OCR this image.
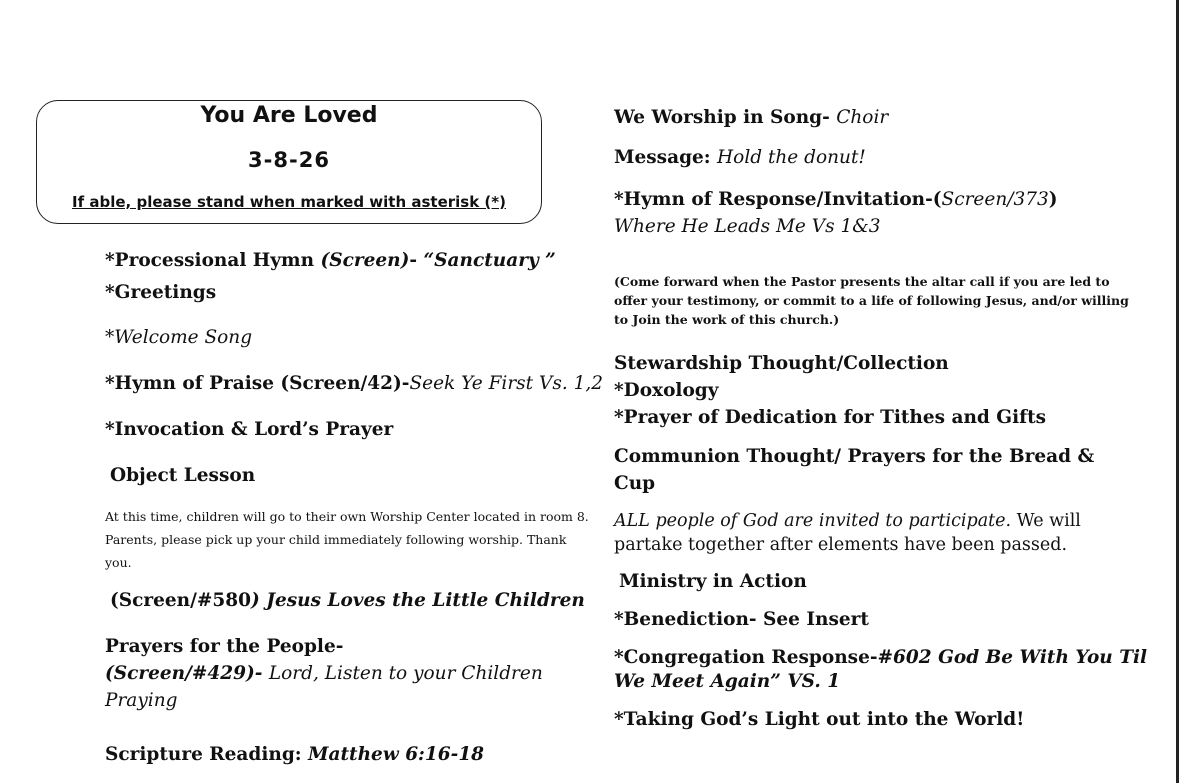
You Are Loved
3-8-26
If able, please stand when marked with asterisk (*)
*Processional Hymn (Screen)- “Sanctuary ”
*Greetings
*Welcome Song
*Hymn of Praise (Screen/42)-Seek Ye First Vs. 1,2
*Invocation & Lord’s Prayer
Object Lesson
At this time, children will go to their own Worship Center located in room 8.
Parents, please pick up your child immediately following worship. Thank
you.
(Screen/#580) Jesus Loves the Little Children
Prayers for the People-
(Screen/#429)- Lord, Listen to your Children
Praying
Scripture Reading: Matthew 6:16-18
We Worship in Song- Choir
Message: Hold the donut!
*Hymn of Response/Invitation-(Screen/373)
Where He Leads Me Vs 1&3
(Come forward when the Pastor presents the altar call if you are led to
offer your testimony, or commit to a life of following Jesus, and/or willing
to Join the work of this church.)
Stewardship Thought/Collection
*Doxology
*Prayer of Dedication for Tithes and Gifts
Communion Thought/ Prayers for the Bread &
Cup
ALL people of God are invited to participate. We will
partake together after elements have been passed.
Ministry in Action
*Benediction- See Insert
*Congregation Response-#602 God Be With You Til
We Meet Again” VS. 1
*Taking God’s Light out into the World!
